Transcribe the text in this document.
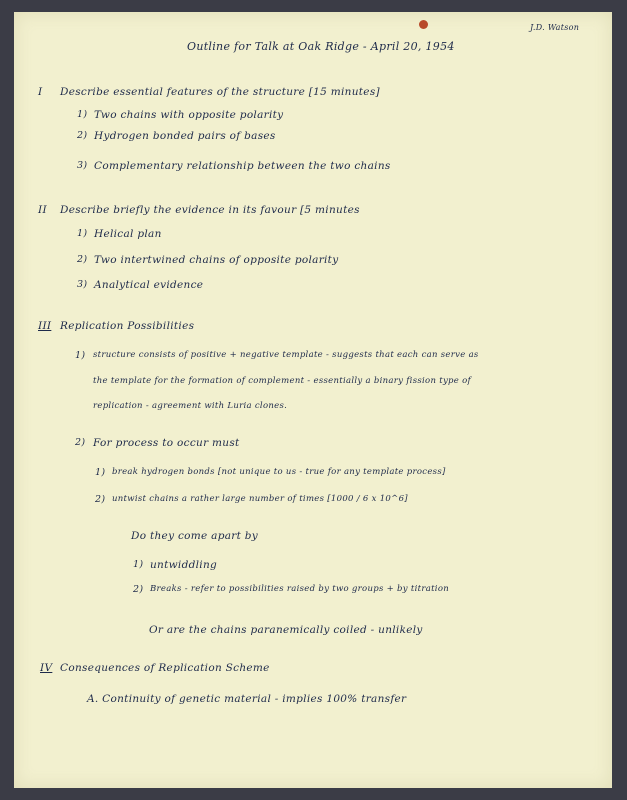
J.D. Watson
Outline for Talk at Oak Ridge - April 20, 1954
I Describe essential features of the structure [15 minutes]
1) Two chains with opposite polarity
2) Hydrogen bonded pairs of bases
3) Complementary relationship between the two chains
II Describe briefly the evidence in its favour [5 minutes
1) Helical plan
2) Two intertwined chains of opposite polarity
3) Analytical evidence
III Replication Possibilities
1) structure consists of positive + negative template - suggests that each can serve as
the template for the formation of complement - essentially a binary fission type of
replication - agreement with Luria clones.
2) For process to occur must
1) break hydrogen bonds [not unique to us - true for any template process]
2) untwist chains a rather large number of times [1000 / 6 x 10^6]
Do they come apart by
1) untwiddling
2) Breaks - refer to possibilities raised by two groups + by titration
Or are the chains paranemically coiled - unlikely
IV Consequences of Replication Scheme
A. Continuity of genetic material - implies 100% transfer
